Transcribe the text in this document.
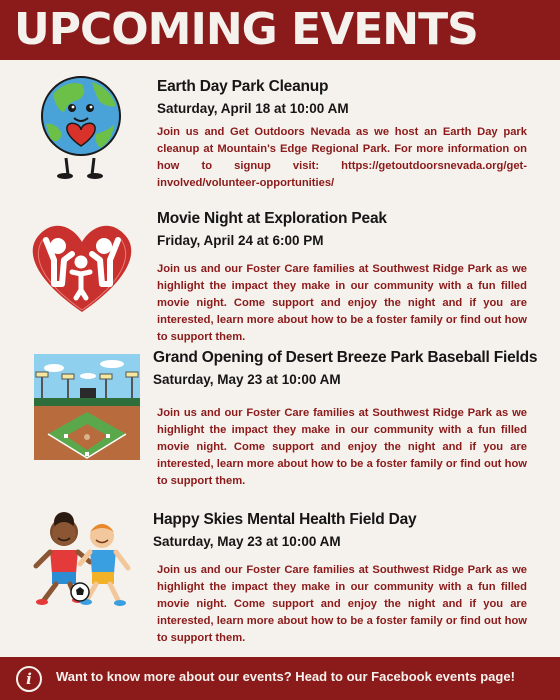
UPCOMING EVENTS
Earth Day Park Cleanup

Saturday, April 18 at 10:00 AM

Join us and Get Outdoors Nevada as we host an Earth Day park cleanup at Mountain's Edge Regional Park. For more information on how to signup visit: https://getoutdoorsnevada.org/get-involved/volunteer-opportunities/

Movie Night at Exploration Peak

Friday, April 24 at 6:00 PM

Join us and our Foster Care families at Southwest Ridge Park as we highlight the impact they make in our community with a fun filled movie night. Come support and enjoy the night and if you are interested, learn more about how to be a foster family or find out how to support them.

Grand Opening of Desert Breeze Park Baseball Fields

Saturday, May 23 at 10:00 AM

Join us and our Foster Care families at Southwest Ridge Park as we highlight the impact they make in our community with a fun filled movie night. Come support and enjoy the night and if you are interested, learn more about how to be a foster family or find out how to support them.

Happy Skies Mental Health Field Day

Saturday, May 23 at 10:00 AM

Join us and our Foster Care families at Southwest Ridge Park as we highlight the impact they make in our community with a fun filled movie night. Come support and enjoy the night and if you are interested, learn more about how to be a foster family or find out how to support them.

i	Want to know more about our events? Head to our Facebook events page!
